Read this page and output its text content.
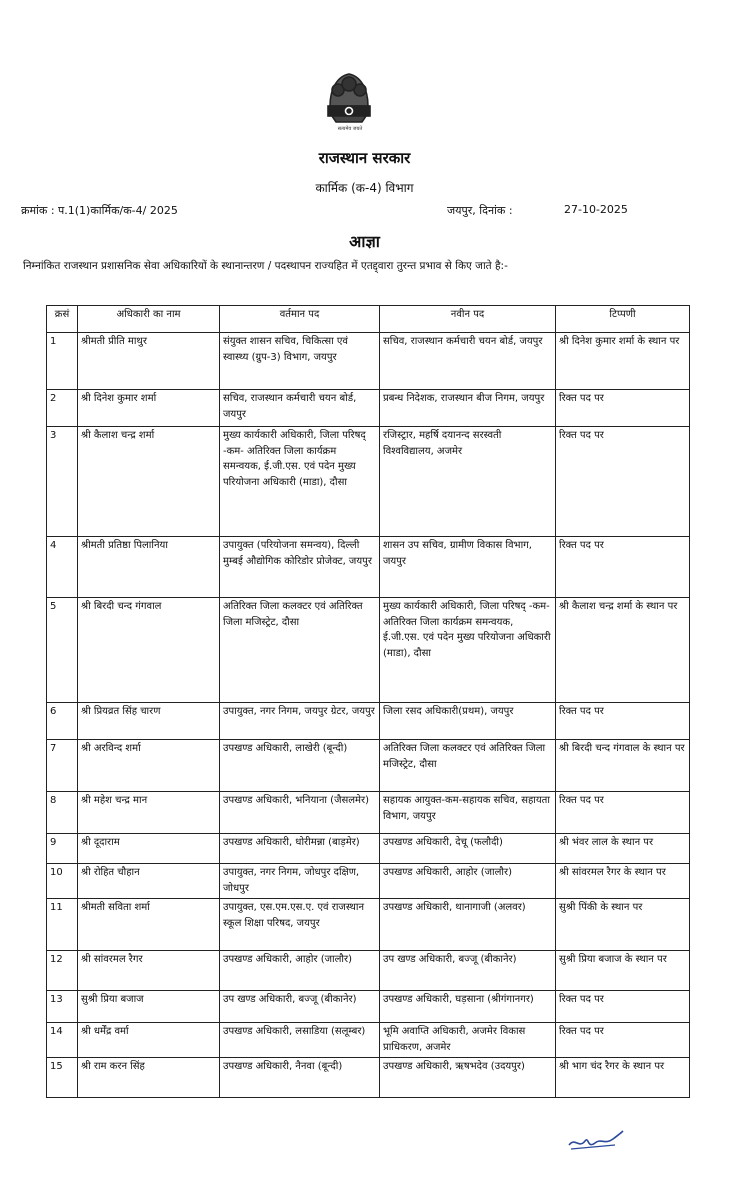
सत्यमेव जयते
राजस्थान सरकार
कार्मिक (क-4) विभाग
क्रमांक : प.1(1)कार्मिक/क-4/ 2025	जयपुर, दिनांक :	27-10-2025
आज्ञा
निम्नांकित राजस्थान प्रशासनिक सेवा अधिकारियों के स्थानान्तरण / पदस्थापन राज्यहित में एतद्द्वारा तुरन्त प्रभाव से किए जाते है:-
क्रसं	अधिकारी का नाम	वर्तमान पद	नवीन पद	टिप्पणी
1	श्रीमती प्रीति माथुर	संयुक्त शासन सचिव, चिकित्सा एवं स्वास्थ्य (ग्रुप-3) विभाग, जयपुर	सचिव, राजस्थान कर्मचारी चयन बोर्ड, जयपुर	श्री दिनेश कुमार शर्मा के स्थान पर
2	श्री दिनेश कुमार शर्मा	सचिव, राजस्थान कर्मचारी चयन बोर्ड, जयपुर	प्रबन्ध निदेशक, राजस्थान बीज निगम, जयपुर	रिक्त पद पर
3	श्री कैलाश चन्द्र शर्मा	मुख्य कार्यकारी अधिकारी, जिला परिषद् -कम- अतिरिक्त जिला कार्यक्रम समन्वयक, ई.जी.एस. एवं पदेन मुख्य परियोजना अधिकारी (माडा), दौसा	रजिस्ट्रार, महर्षि दयानन्द सरस्वती विश्वविद्यालय, अजमेर	रिक्त पद पर
4	श्रीमती प्रतिष्ठा पिलानिया	उपायुक्त (परियोजना समन्वय), दिल्ली मुम्बई औद्योगिक कोरिडोर प्रोजेक्ट, जयपुर	शासन उप सचिव, ग्रामीण विकास विभाग, जयपुर	रिक्त पद पर
5	श्री बिरदी चन्द गंगवाल	अतिरिक्त जिला कलक्टर एवं अतिरिक्त जिला मजिस्ट्रेट, दौसा	मुख्य कार्यकारी अधिकारी, जिला परिषद् -कम- अतिरिक्त जिला कार्यक्रम समन्वयक, ई.जी.एस. एवं पदेन मुख्य परियोजना अधिकारी (माडा), दौसा	श्री कैलाश चन्द्र शर्मा के स्थान पर
6	श्री प्रियव्रत सिंह चारण	उपायुक्त, नगर निगम, जयपुर ग्रेटर, जयपुर	जिला रसद अधिकारी(प्रथम), जयपुर	रिक्त पद पर
7	श्री अरविन्द शर्मा	उपखण्ड अधिकारी, लाखेरी (बून्दी)	अतिरिक्त जिला कलक्टर एवं अतिरिक्त जिला मजिस्ट्रेट, दौसा	श्री बिरदी चन्द गंगवाल के स्थान पर
8	श्री महेश चन्द्र मान	उपखण्ड अधिकारी, भनियाना (जैसलमेर)	सहायक आयुक्त-कम-सहायक सचिव, सहायता विभाग, जयपुर	रिक्त पद पर
9	श्री दूदाराम	उपखण्ड अधिकारी, धोरीमन्ना (बाड़मेर)	उपखण्ड अधिकारी, देचू (फलौदी)	श्री भंवर लाल के स्थान पर
10	श्री रोहित चौहान	उपायुक्त, नगर निगम, जोधपुर दक्षिण, जोधपुर	उपखण्ड अधिकारी, आहोर (जालौर)	श्री सांवरमल रैगर के स्थान पर
11	श्रीमती सविता शर्मा	उपायुक्त, एस.एम.एस.ए. एवं राजस्थान स्कूल शिक्षा परिषद, जयपुर	उपखण्ड अधिकारी, थानागाजी (अलवर)	सुश्री पिंकी के स्थान पर
12	श्री सांवरमल रैगर	उपखण्ड अधिकारी, आहोर (जालौर)	उप खण्ड अधिकारी, बज्जू (बीकानेर)	सुश्री प्रिया बजाज के स्थान पर
13	सुश्री प्रिया बजाज	उप खण्ड अधिकारी, बज्जू (बीकानेर)	उपखण्ड अधिकारी, घड़साना (श्रीगंगानगर)	रिक्त पद पर
14	श्री धर्मेंद्र वर्मा	उपखण्ड अधिकारी, लसाडिया (सलूम्बर)	भूमि अवाप्ति अधिकारी, अजमेर विकास प्राधिकरण, अजमेर	रिक्त पद पर
15	श्री राम करन सिंह	उपखण्ड अधिकारी, नैनवा (बून्दी)	उपखण्ड अधिकारी, ऋषभदेव (उदयपुर)	श्री भाग चंद रैगर के स्थान पर
